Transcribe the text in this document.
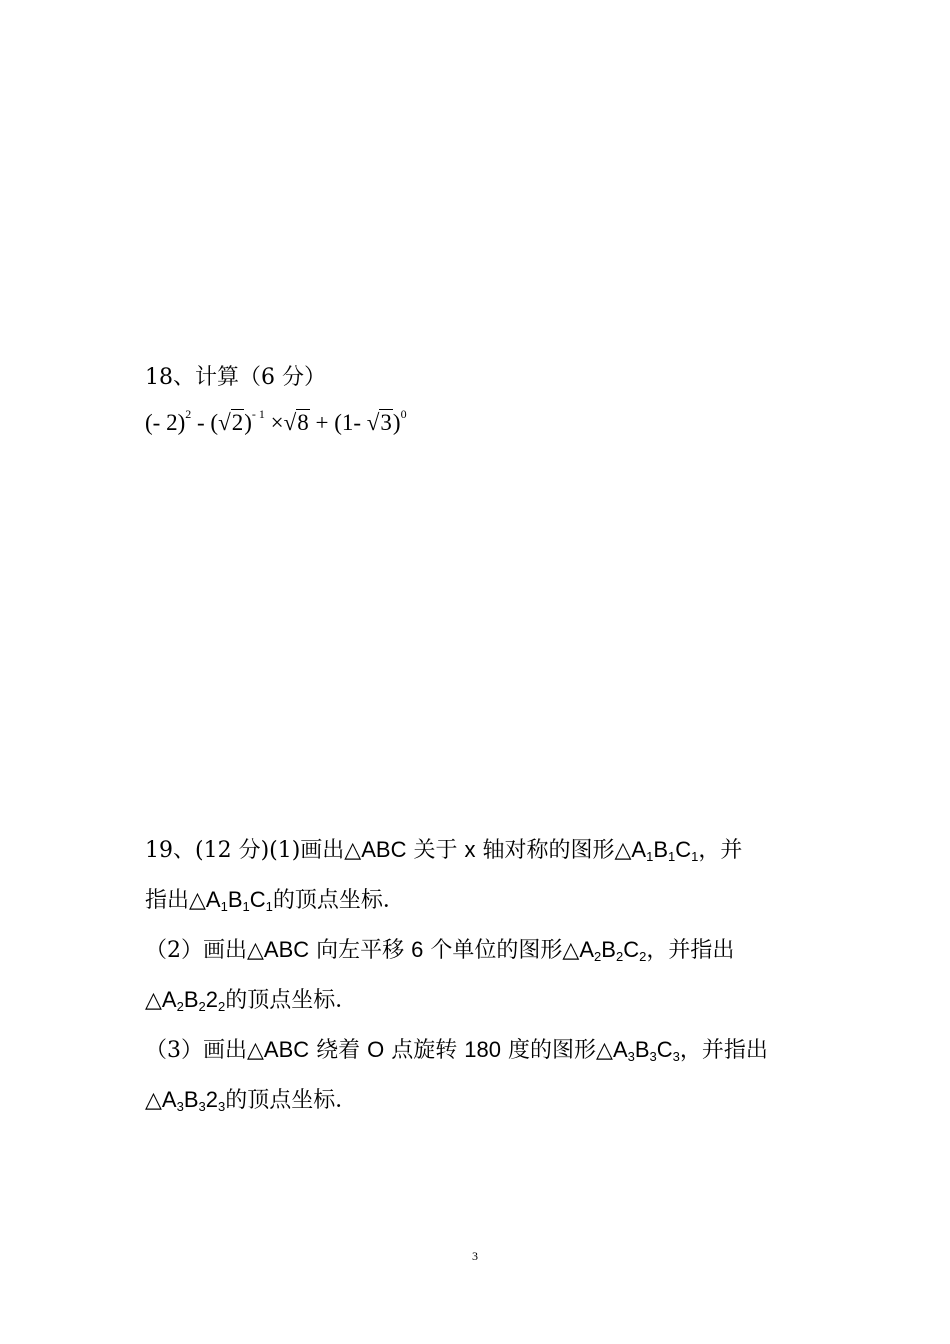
18、计算（6 分）
(- $2)^2 - (√2)^{- 1} \times√8 + (1-$ √3)$^0$
19、(12 分)(1)画出△ABC 关于 x 轴对称的图形$\triangle A_1B_1C_1$，并
指出$\triangle A_1B_1C_1$的顶点坐标．
（2）画出△ABC 向左平移 6 个单位的图形$\triangle A_2B_2C_2$，并指出
$\triangle A_2B_22_2$的顶点坐标．
（3）画出△ABC 绕着 O 点旋转 180 度的图形$\triangle A_3B_3C_3$，并指出
$\triangle A_3B_32_3$的顶点坐标．
3
